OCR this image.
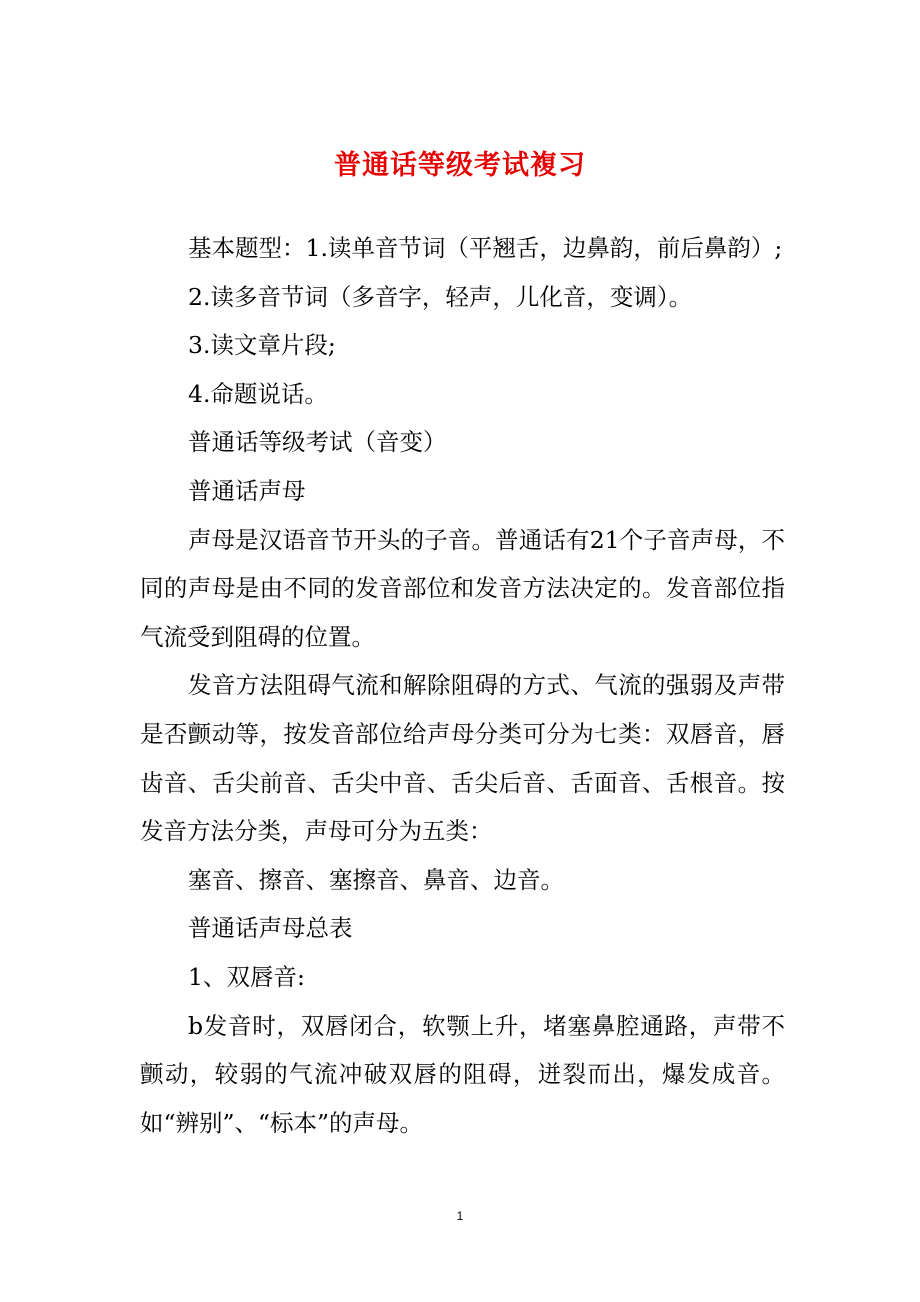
普通话等级考试複习

基本题型：1.读单音节词（平翘舌，边鼻韵，前后鼻韵）;

2.读多音节词（多音字，轻声，儿化音，变调）。

3.读文章片段;

4.命题说话。

普通话等级考试（音变）

普通话声母

声母是汉语音节开头的子音。普通话有21个子音声母，不同的声母是由不同的发音部位和发音方法决定的。发音部位指气流受到阻碍的位置。

发音方法阻碍气流和解除阻碍的方式、气流的强弱及声带是否颤动等，按发音部位给声母分类可分为七类：双唇音，唇齿音、舌尖前音、舌尖中音、舌尖后音、舌面音、舌根音。按发音方法分类，声母可分为五类：

塞音、擦音、塞擦音、鼻音、边音。

普通话声母总表

1、双唇音:

b发音时，双唇闭合，软颚上升，堵塞鼻腔通路，声带不颤动，较弱的气流冲破双唇的阻碍，迸裂而出，爆发成音。如“辨别”、“标本”的声母。

1
